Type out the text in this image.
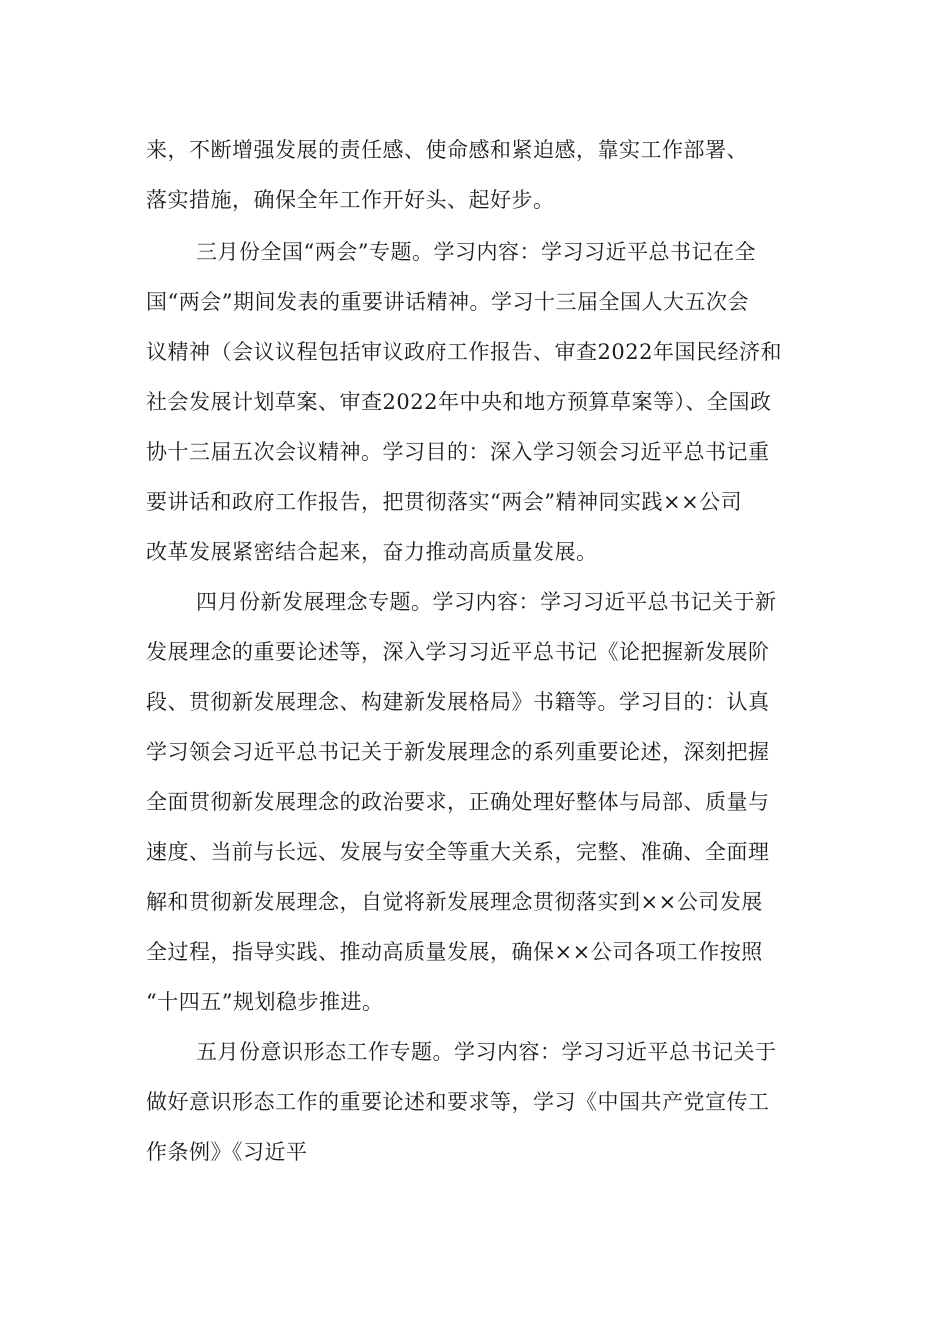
来，不断增强发展的责任感、使命感和紧迫感，靠实工作部署、
落实措施，确保全年工作开好头、起好步。
三月份全国“两会”专题。学习内容：学习习近平总书记在全
国“两会”期间发表的重要讲话精神。学习十三届全国人大五次会
议精神（会议议程包括审议政府工作报告、审查2022年国民经济和
社会发展计划草案、审查2022年中央和地方预算草案等）、全国政
协十三届五次会议精神。学习目的：深入学习领会习近平总书记重
要讲话和政府工作报告，把贯彻落实“两会”精神同实践××公司
改革发展紧密结合起来，奋力推动高质量发展。
四月份新发展理念专题。学习内容：学习习近平总书记关于新
发展理念的重要论述等，深入学习习近平总书记《论把握新发展阶
段、贯彻新发展理念、构建新发展格局》书籍等。学习目的：认真
学习领会习近平总书记关于新发展理念的系列重要论述，深刻把握
全面贯彻新发展理念的政治要求，正确处理好整体与局部、质量与
速度、当前与长远、发展与安全等重大关系，完整、准确、全面理
解和贯彻新发展理念，自觉将新发展理念贯彻落实到××公司发展
全过程，指导实践、推动高质量发展，确保××公司各项工作按照
“十四五”规划稳步推进。
五月份意识形态工作专题。学习内容：学习习近平总书记关于
做好意识形态工作的重要论述和要求等，学习《中国共产党宣传工
作条例》《习近平
